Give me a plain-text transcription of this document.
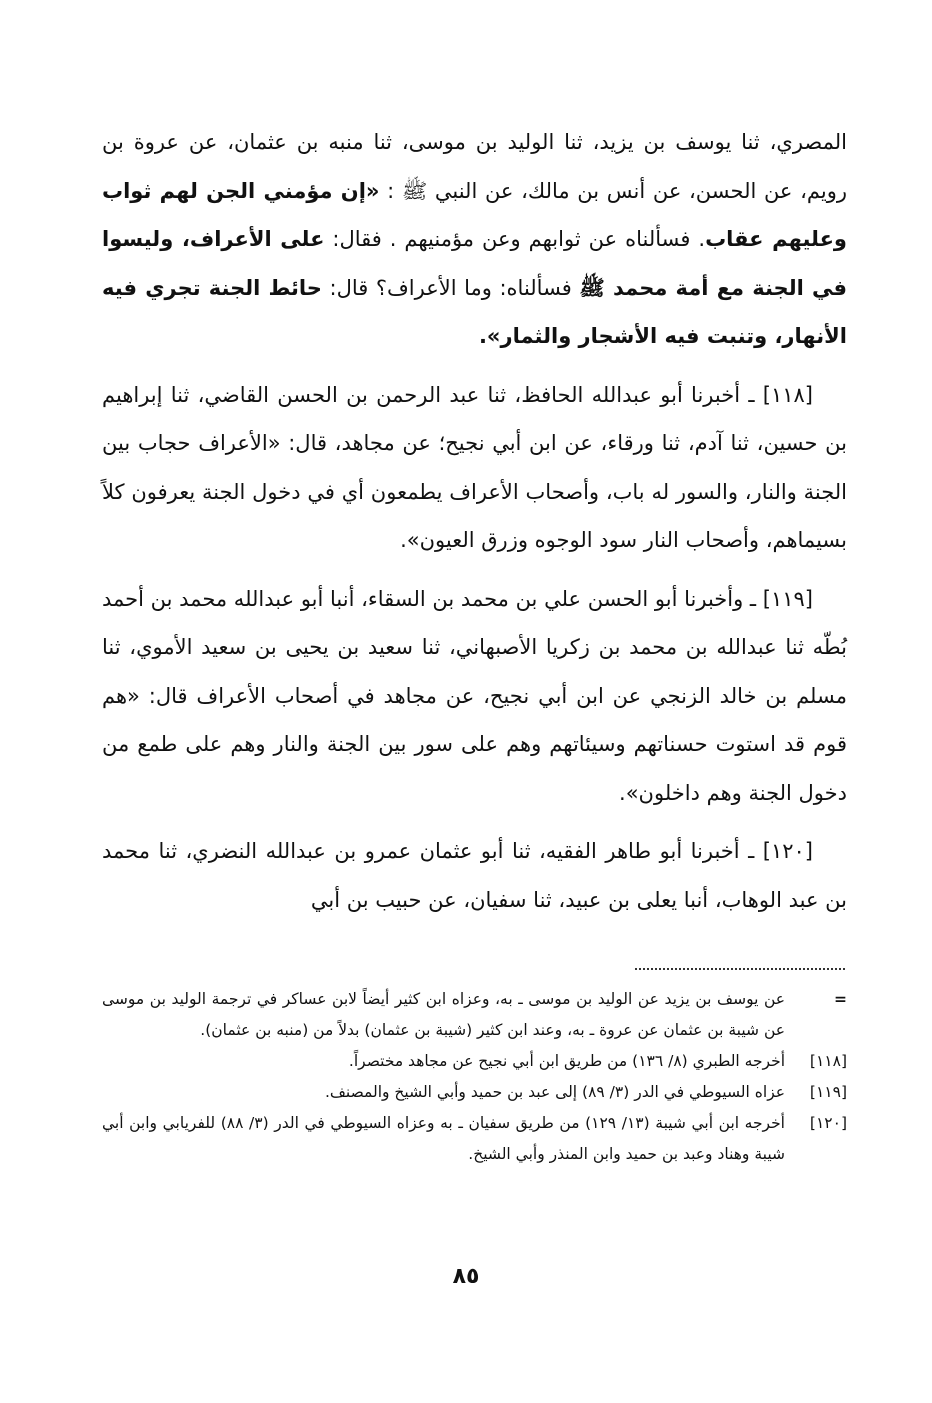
المصري، ثنا يوسف بن يزيد، ثنا الوليد بن موسى، ثنا منبه بن عثمان، عن عروة بن رويم، عن الحسن، عن أنس بن مالك، عن النبي ﷺ : «إن مؤمني الجن لهم ثواب وعليهم عقاب. فسألناه عن ثوابهم وعن مؤمنيهم . فقال: على الأعراف، وليسوا في الجنة مع أمة محمد ﷺ فسألناه: وما الأعراف؟ قال: حائط الجنة تجري فيه الأنهار، وتنبت فيه الأشجار والثمار».

[١١٨] ـ أخبرنا أبو عبدالله الحافظ، ثنا عبد الرحمن بن الحسن القاضي، ثنا إبراهيم بن حسين، ثنا آدم، ثنا ورقاء، عن ابن أبي نجيح؛ عن مجاهد، قال: «الأعراف حجاب بين الجنة والنار، والسور له باب، وأصحاب الأعراف يطمعون أي في دخول الجنة يعرفون كلاً بسيماهم، وأصحاب النار سود الوجوه وزرق العيون».

[١١٩] ـ وأخبرنا أبو الحسن علي بن محمد بن السقاء، أنبا أبو عبدالله محمد بن أحمد بُطّه ثنا عبدالله بن محمد بن زكريا الأصبهاني، ثنا سعيد بن يحيى بن سعيد الأموي، ثنا مسلم بن خالد الزنجي عن ابن أبي نجيح، عن مجاهد في أصحاب الأعراف قال: «هم قوم قد استوت حسناتهم وسيئاتهم وهم على سور بين الجنة والنار وهم على طمع من دخول الجنة وهم داخلون».

[١٢٠] ـ أخبرنا أبو طاهر الفقيه، ثنا أبو عثمان عمرو بن عبدالله النضري، ثنا محمد بن عبد الوهاب، أنبا يعلى بن عبيد، ثنا سفيان، عن حبيب بن أبي

=
عن يوسف بن يزيد عن الوليد بن موسى ـ به، وعزاه ابن كثير أيضاً لابن عساكر في ترجمة الوليد بن موسى عن شيبة بن عثمان عن عروة ـ به، وعند ابن كثير (شيبة بن عثمان) بدلاً من (منبه بن عثمان).

[١١٨]
أخرجه الطبري (٨/ ١٣٦) من طريق ابن أبي نجيح عن مجاهد مختصراً.

[١١٩]
عزاه السيوطي في الدر (٣/ ٨٩) إلى عبد بن حميد وأبي الشيخ والمصنف.

[١٢٠]
أخرجه ابن أبي شيبة (١٣/ ١٢٩) من طريق سفيان ـ به وعزاه السيوطي في الدر (٣/ ٨٨) للفريابي وابن أبي شيبة وهناد وعبد بن حميد وابن المنذر وأبي الشيخ.

٨٥
